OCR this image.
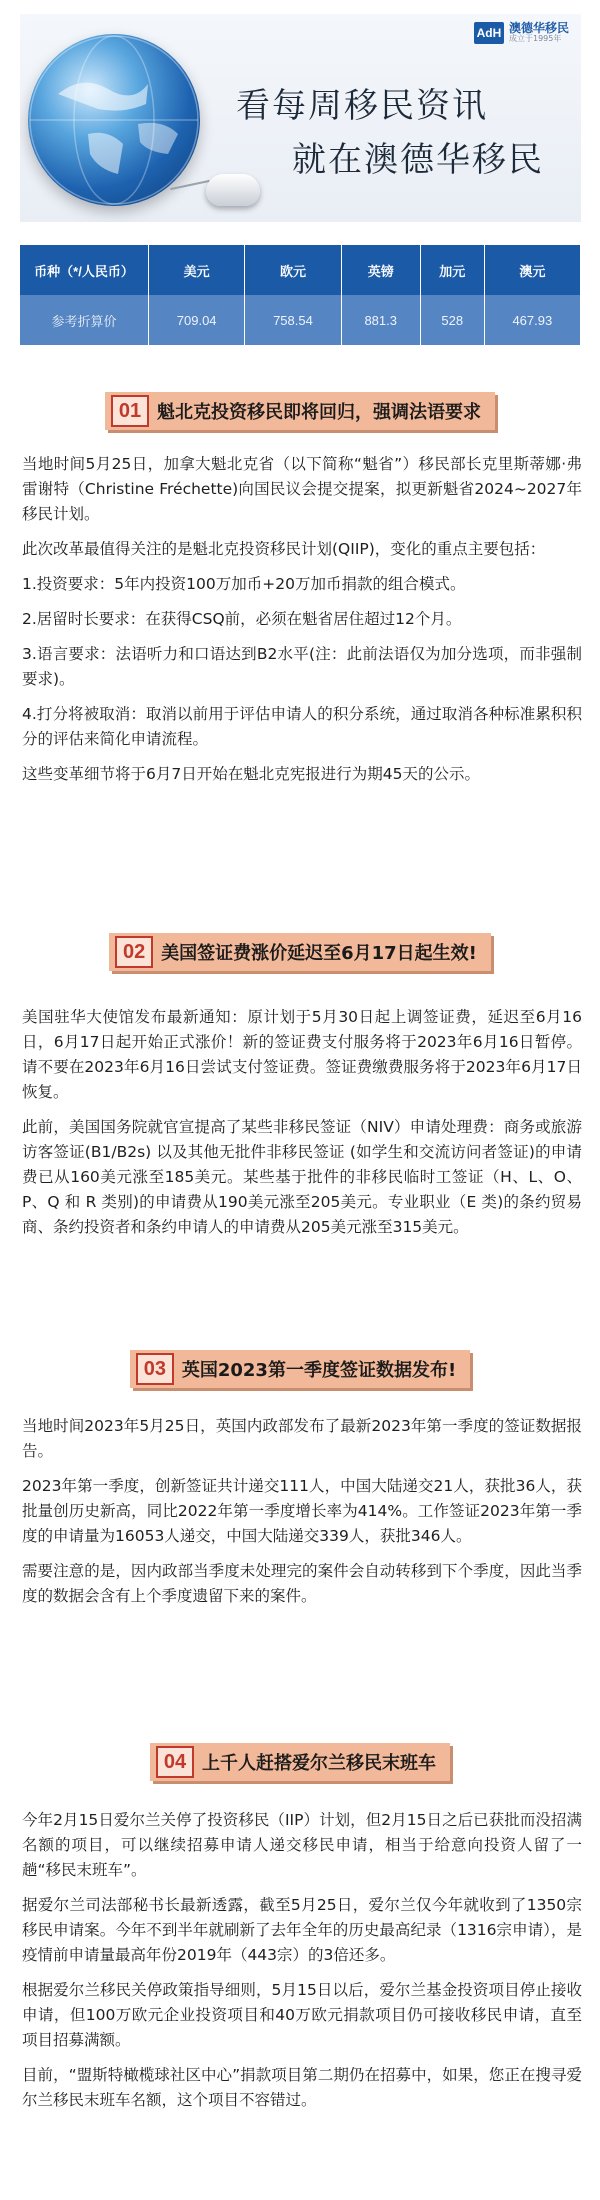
AdH 澳德华移民
成立于1995年
看每周移民资讯
就在澳德华移民
币种（*/人民币）	美元	欧元	英镑	加元	澳元
参考折算价	709.04	758.54	881.3	528	467.93
01 魁北克投资移民即将回归，强调法语要求

当地时间5月25日，加拿大魁北克省（以下简称“魁省”）移民部长克里斯蒂娜·弗雷谢特（Christine Fréchette)向国民议会提交提案，拟更新魁省2024~2027年移民计划。

此次改革最值得关注的是魁北克投资移民计划(QIIP)，变化的重点主要包括：

1.投资要求：5年内投资100万加币+20万加币捐款的组合模式。

2.居留时长要求：在获得CSQ前，必须在魁省居住超过12个月。

3.语言要求：法语听力和口语达到B2水平(注：此前法语仅为加分选项，而非强制要求)。

4.打分将被取消：取消以前用于评估申请人的积分系统，通过取消各种标准累积积分的评估来简化申请流程。

这些变革细节将于6月7日开始在魁北克宪报进行为期45天的公示。

02 美国签证费涨价延迟至6月17日起生效!

美国驻华大使馆发布最新通知：原计划于5月30日起上调签证费，延迟至6月16日，6月17日起开始正式涨价！新的签证费支付服务将于2023年6月16日暂停。请不要在2023年6月16日尝试支付签证费。签证费缴费服务将于2023年6月17日恢复。

此前，美国国务院就官宣提高了某些非移民签证（NIV）申请处理费：商务或旅游访客签证(B1/B2s) 以及其他无批件非移民签证 (如学生和交流访问者签证)的申请费已从160美元涨至185美元。某些基于批件的非移民临时工签证（H、L、O、P、Q 和 R 类别)的申请费从190美元涨至205美元。专业职业（E 类)的条约贸易商、条约投资者和条约申请人的申请费从205美元涨至315美元。

03 英国2023第一季度签证数据发布!

当地时间2023年5月25日，英国内政部发布了最新2023年第一季度的签证数据报告。

2023年第一季度，创新签证共计递交111人，中国大陆递交21人，获批36人，获批量创历史新高，同比2022年第一季度增长率为414%。工作签证2023年第一季度的申请量为16053人递交，中国大陆递交339人，获批346人。

需要注意的是，因内政部当季度未处理完的案件会自动转移到下个季度，因此当季度的数据会含有上个季度遗留下来的案件。

04 上千人赶搭爱尔兰移民末班车

今年2月15日爱尔兰关停了投资移民（IIP）计划，但2月15日之后已获批而没招满名额的项目，可以继续招募申请人递交移民申请，相当于给意向投资人留了一趟“移民末班车”。

据爱尔兰司法部秘书长最新透露，截至5月25日，爱尔兰仅今年就收到了1350宗移民申请案。今年不到半年就刷新了去年全年的历史最高纪录（1316宗申请），是疫情前申请量最高年份2019年（443宗）的3倍还多。

根据爱尔兰移民关停政策指导细则，5月15日以后，爱尔兰基金投资项目停止接收申请，但100万欧元企业投资项目和40万欧元捐款项目仍可接收移民申请，直至项目招募满额。

目前，“盟斯特橄榄球社区中心”捐款项目第二期仍在招募中，如果，您正在搜寻爱尔兰移民末班车名额，这个项目不容错过。
